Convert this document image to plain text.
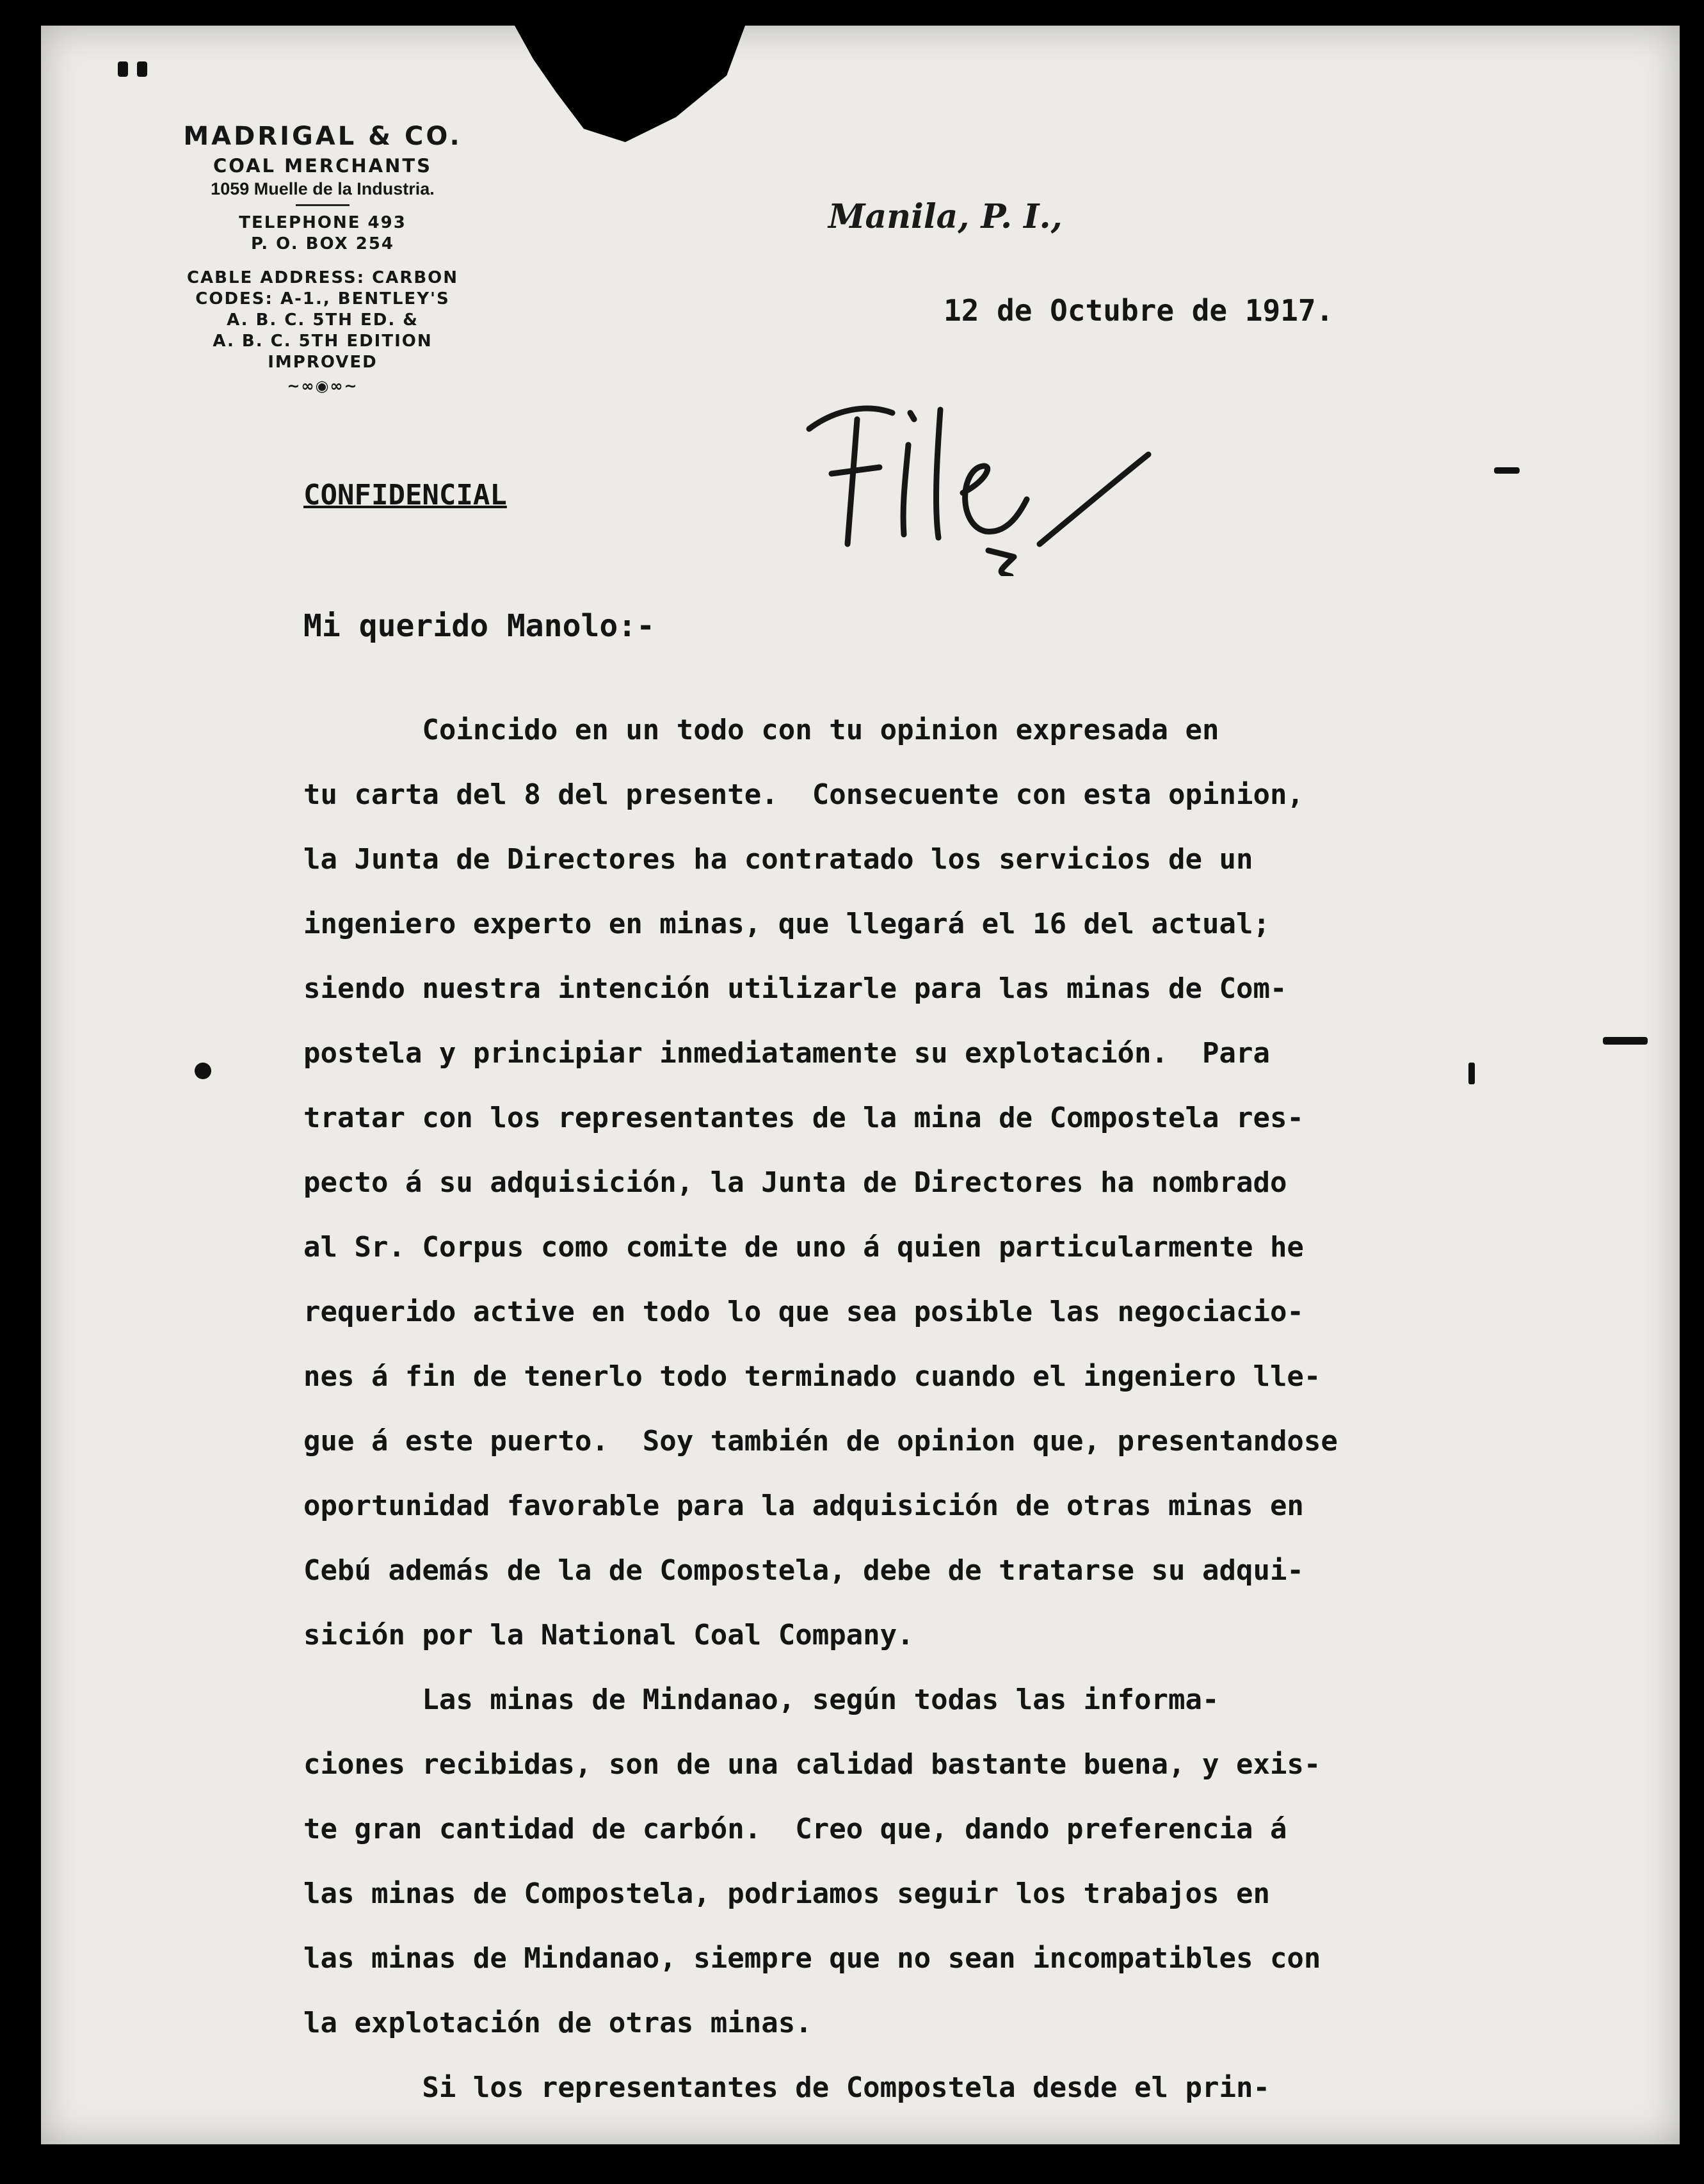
MADRIGAL & CO.
COAL MERCHANTS
1059 Muelle de la Industria.
TELEPHONE 493
P. O. BOX 254
CABLE ADDRESS: CARBON
CODES: A-1., BENTLEY'S
A. B. C. 5TH ED. &
A. B. C. 5TH EDITION
IMPROVED
~∞◉∞~
Manila, P. I.,
12 de Octubre de 1917.
CONFIDENCIAL
Mi querido Manolo:-
Coincido en un todo con tu opinion expresada en
tu carta del 8 del presente.  Consecuente con esta opinion,
la Junta de Directores ha contratado los servicios de un
ingeniero experto en minas, que llegará el 16 del actual;
siendo nuestra intención utilizarle para las minas de Com-
postela y principiar inmediatamente su explotación.  Para
tratar con los representantes de la mina de Compostela res-
pecto á su adquisición, la Junta de Directores ha nombrado
al Sr. Corpus como comite de uno á quien particularmente he
requerido active en todo lo que sea posible las negociacio-
nes á fin de tenerlo todo terminado cuando el ingeniero lle-
gue á este puerto.  Soy también de opinion que, presentandose
oportunidad favorable para la adquisición de otras minas en
Cebú además de la de Compostela, debe de tratarse su adqui-
sición por la National Coal Company.
Las minas de Mindanao, según todas las informa-
ciones recibidas, son de una calidad bastante buena, y exis-
te gran cantidad de carbón.  Creo que, dando preferencia á
las minas de Compostela, podriamos seguir los trabajos en
las minas de Mindanao, siempre que no sean incompatibles con
la explotación de otras minas.
Si los representantes de Compostela desde el prin-
